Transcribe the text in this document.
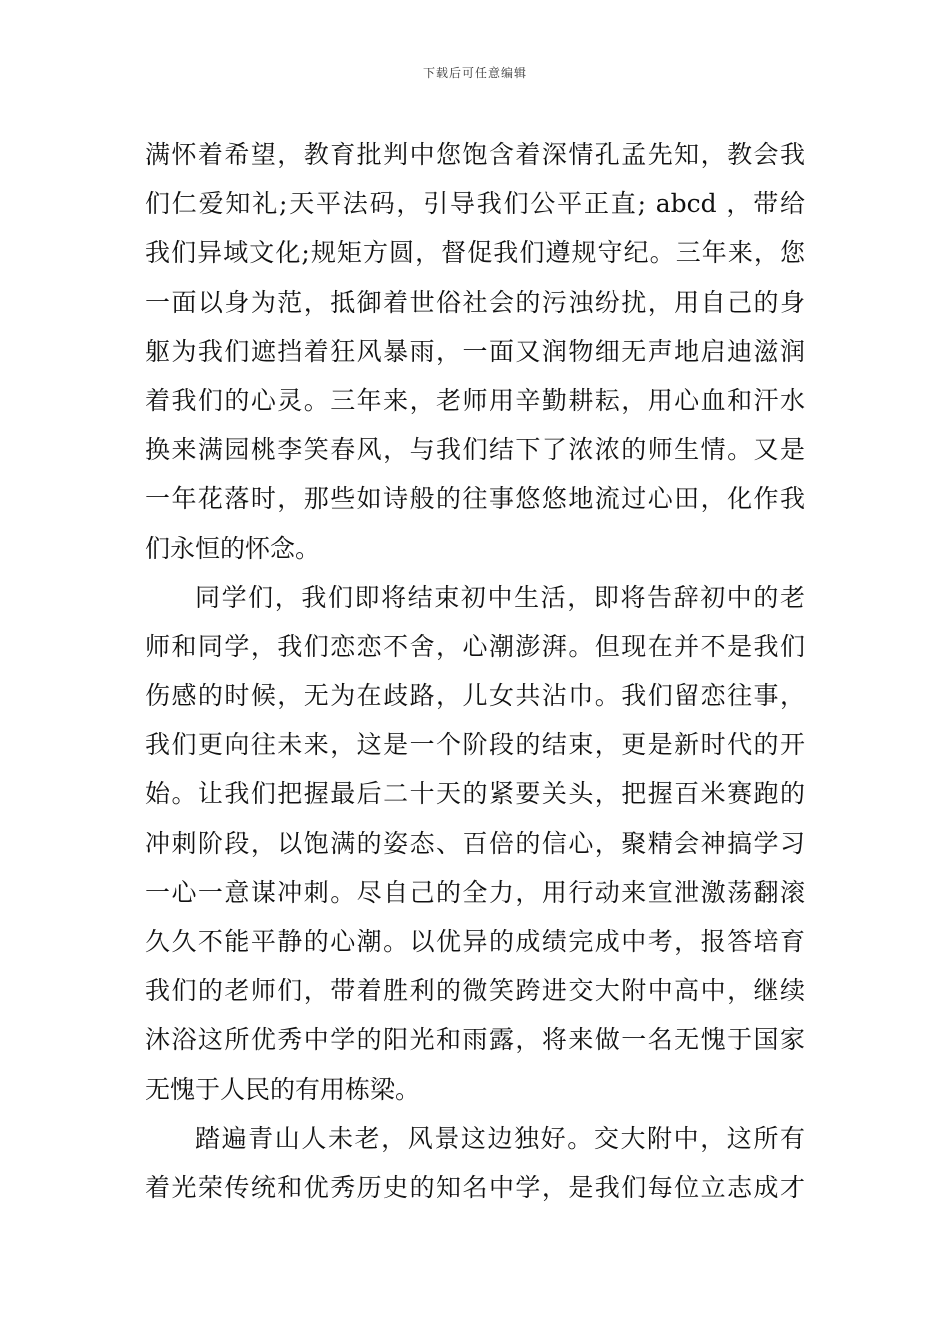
下载后可任意编辑
满怀着希望，教育批判中您饱含着深情孔孟先知，教会我
们仁爱知礼;天平法码，引导我们公平正直; abcd ，带给
我们异域文化;规矩方圆，督促我们遵规守纪。三年来，您
一面以身为范，抵御着世俗社会的污浊纷扰，用自己的身
躯为我们遮挡着狂风暴雨，一面又润物细无声地启迪滋润
着我们的心灵。三年来，老师用辛勤耕耘，用心血和汗水
换来满园桃李笑春风，与我们结下了浓浓的师生情。又是
一年花落时，那些如诗般的往事悠悠地流过心田，化作我
们永恒的怀念。
同学们，我们即将结束初中生活，即将告辞初中的老
师和同学，我们恋恋不舍，心潮澎湃。但现在并不是我们
伤感的时候，无为在歧路，儿女共沾巾。我们留恋往事，
我们更向往未来，这是一个阶段的结束，更是新时代的开
始。让我们把握最后二十天的紧要关头，把握百米赛跑的
冲刺阶段，以饱满的姿态、百倍的信心，聚精会神搞学习
一心一意谋冲刺。尽自己的全力，用行动来宣泄激荡翻滚
久久不能平静的心潮。以优异的成绩完成中考，报答培育
我们的老师们，带着胜利的微笑跨进交大附中高中，继续
沐浴这所优秀中学的阳光和雨露，将来做一名无愧于国家
无愧于人民的有用栋梁。
踏遍青山人未老，风景这边独好。交大附中，这所有
着光荣传统和优秀历史的知名中学，是我们每位立志成才
